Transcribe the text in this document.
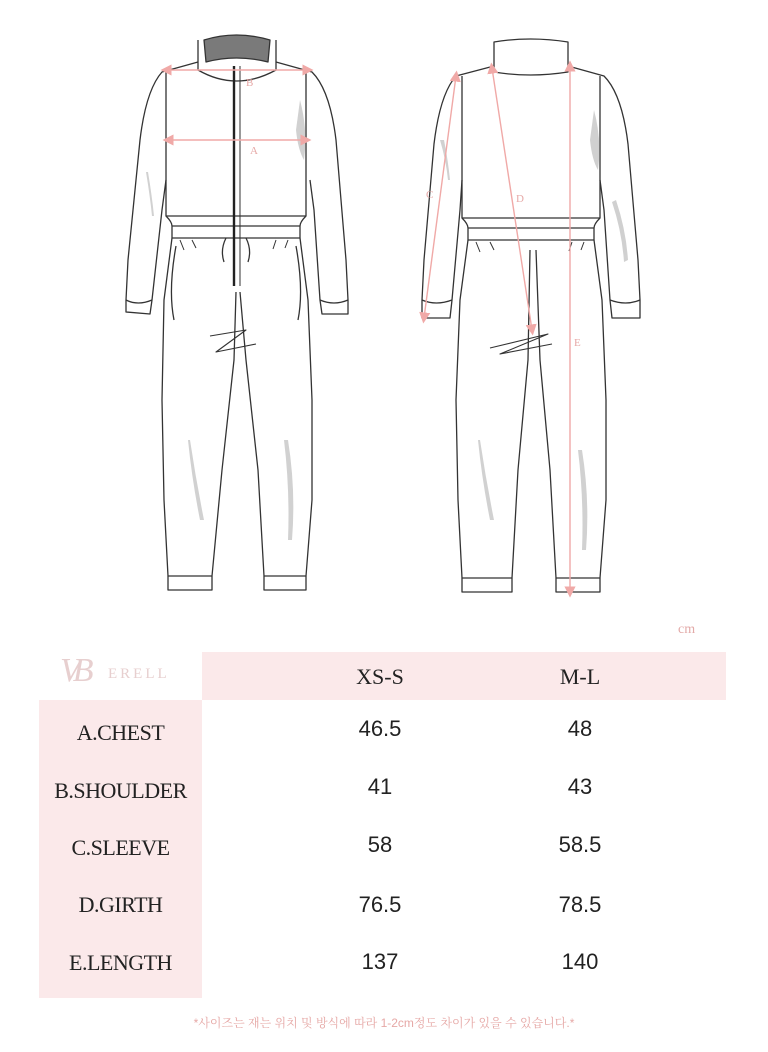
B
A
C	D
E
cm
VB ERELL	XS-S	M-L
A.CHEST	46.5	48
B.SHOULDER	41	43
C.SLEEVE	58	58.5
D.GIRTH	76.5	78.5
E.LENGTH	137	140
*사이즈는 재는 위치 및 방식에 따라 1-2cm정도 차이가 있을 수 있습니다.*
